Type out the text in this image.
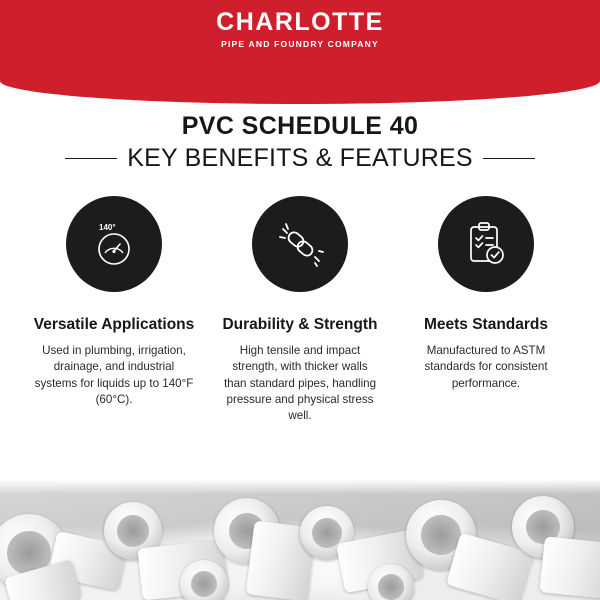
CHARLOTTE
PIPE AND FOUNDRY COMPANY
PVC SCHEDULE 40
KEY BENEFITS & FEATURES
140°
Versatile Applications
Used in plumbing, irrigation, drainage, and industrial systems for liquids up to 140°F (60°C).
Durability & Strength
High tensile and impact strength, with thicker walls than standard pipes, handling pressure and physical stress well.
Meets Standards
Manufactured to ASTM standards for consistent performance.
